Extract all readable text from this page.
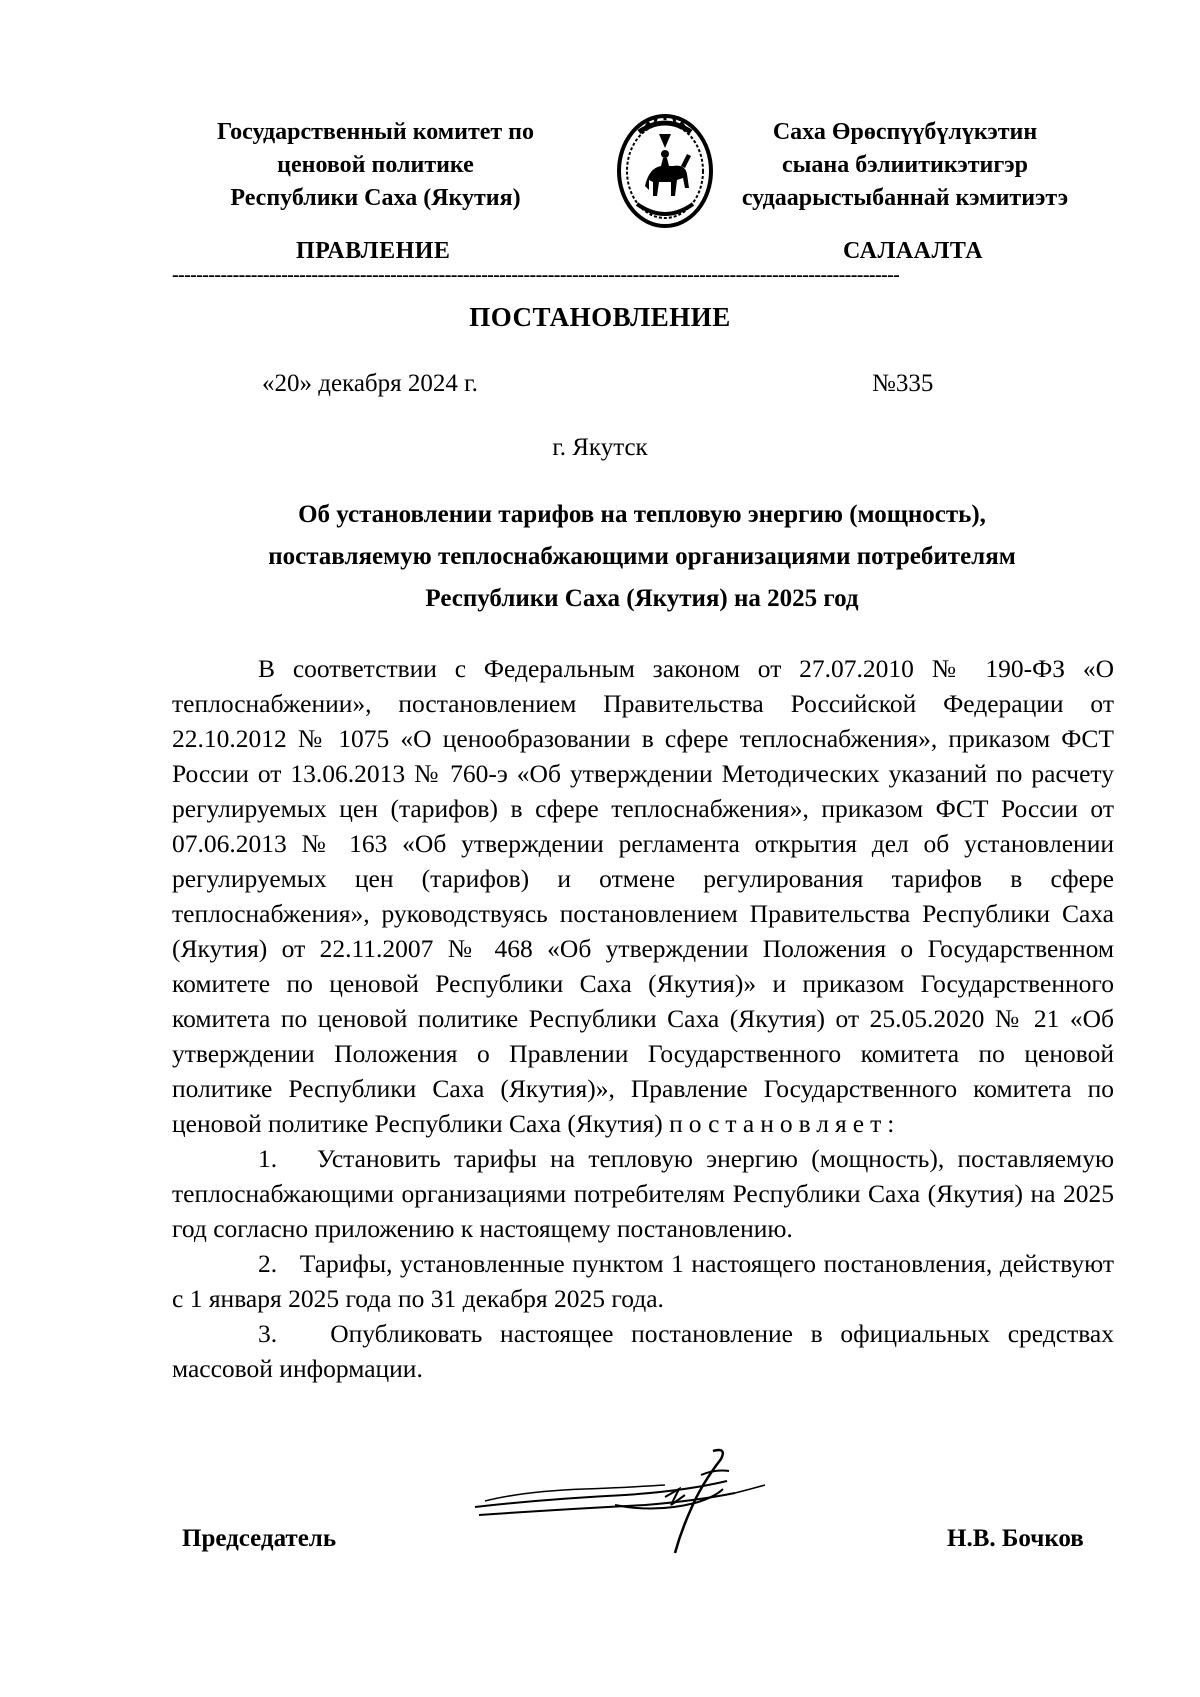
Государственный комитет по
ценовой политике
Республики Саха (Якутия)
Саха Өрөспүүбүлүкэтин
сыана бэлиитикэтигэр
судаарыстыбаннай кэмитиэтэ
ПРАВЛЕНИЕ	САЛААЛТА
------------------------------------------------------------------------------------------------------------------------
ПОСТАНОВЛЕНИЕ
«20» декабря 2024 г.	№335
г. Якутск
Об установлении тарифов на тепловую энергию (мощность),
поставляемую теплоснабжающими организациями потребителям
Республики Саха (Якутия) на 2025 год

В соответствии с Федеральным законом от 27.07.2010 № 190-ФЗ «О теплоснабжении», постановлением Правительства Российской Федерации от 22.10.2012 № 1075 «О ценообразовании в сфере теплоснабжения», приказом ФСТ России от 13.06.2013 № 760-э «Об утверждении Методических указаний по расчету регулируемых цен (тарифов) в сфере теплоснабжения», приказом ФСТ России от 07.06.2013 № 163 «Об утверждении регламента открытия дел об установлении регулируемых цен (тарифов) и отмене регулирования тарифов в сфере теплоснабжения», руководствуясь постановлением Правительства Республики Саха (Якутия) от 22.11.2007 № 468 «Об утверждении Положения о Государственном комитете по ценовой Республики Саха (Якутия)» и приказом Государственного комитета по ценовой политике Республики Саха (Якутия) от 25.05.2020 № 21 «Об утверждении Положения о Правлении Государственного комитета по ценовой политике Республики Саха (Якутия)», Правление Государственного комитета по ценовой политике Республики Саха (Якутия) постановляет:

1.   Установить тарифы на тепловую энергию (мощность), поставляемую теплоснабжающими организациями потребителям Республики Саха (Якутия) на 2025 год согласно приложению к настоящему постановлению.

2.   Тарифы, установленные пунктом 1 настоящего постановления, действуют с 1 января 2025 года по 31 декабря 2025 года.

3.   Опубликовать настоящее постановление в официальных средствах массовой информации.

Председатель	Н.В. Бочков
